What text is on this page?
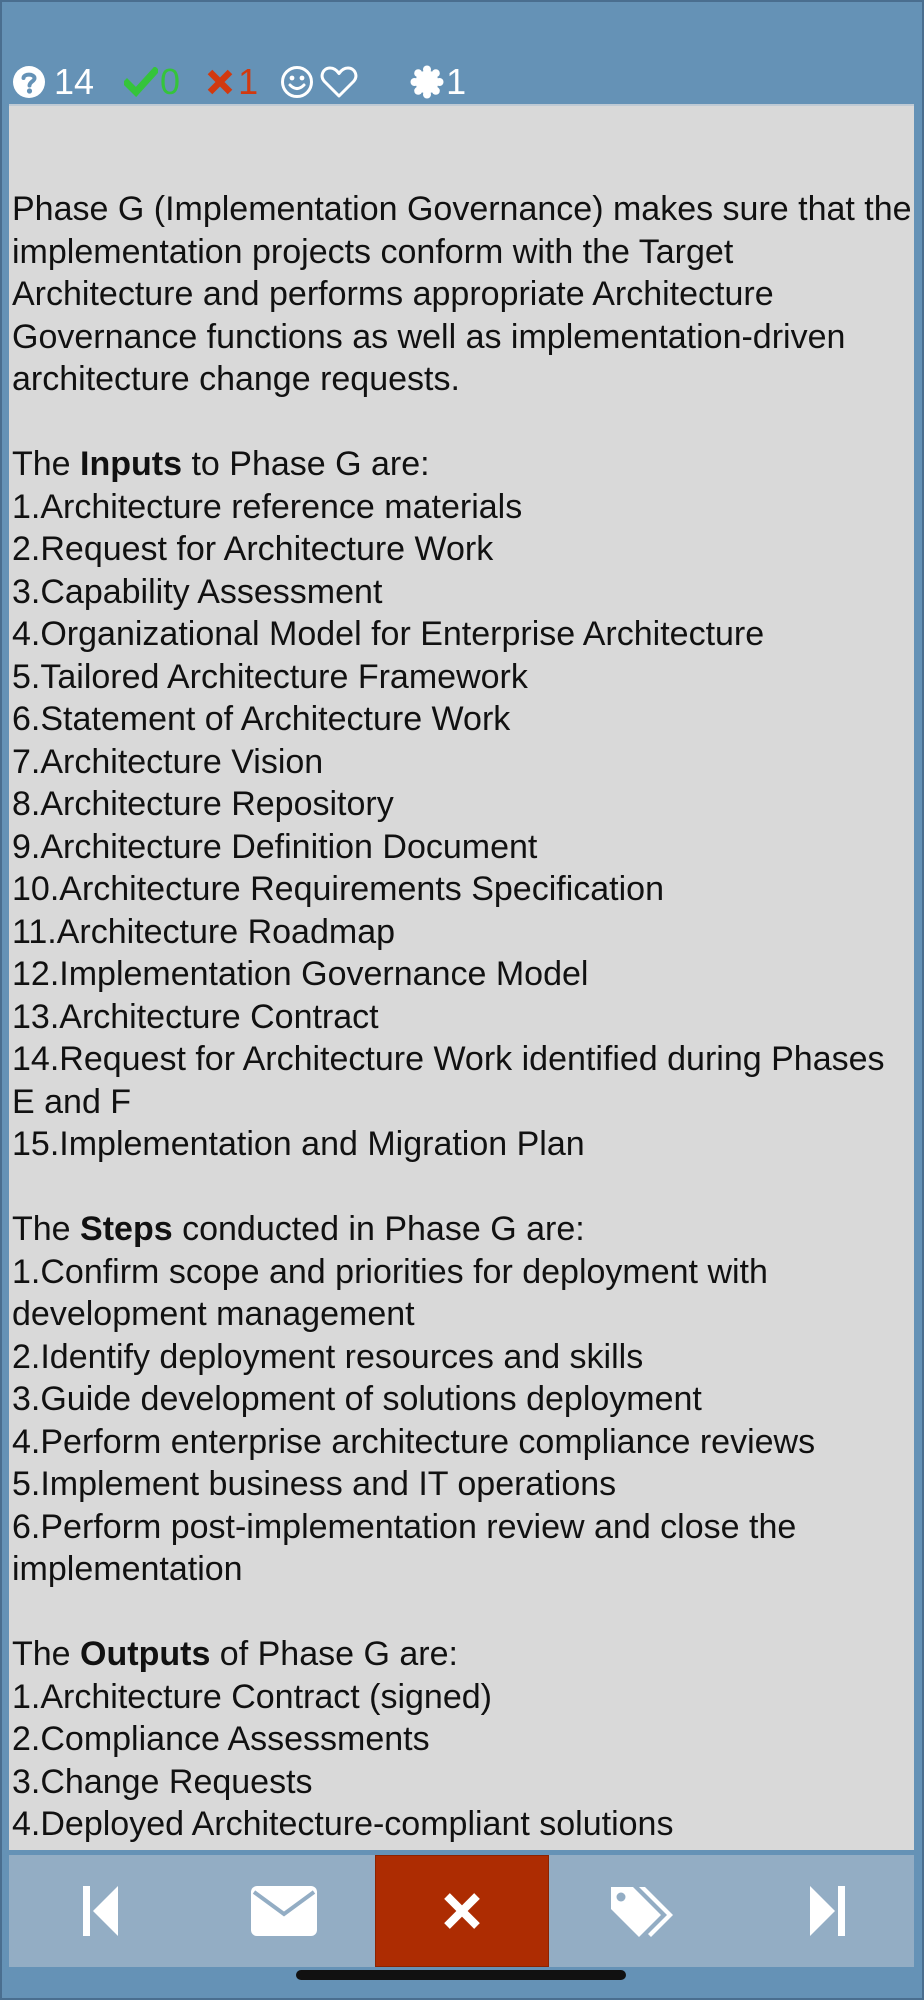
14 0 1	1

Phase G (Implementation Governance) makes sure that the implementation projects conform with the Target Architecture and performs appropriate Architecture Governance functions as well as implementation-driven architecture change requests.

The Inputs to Phase G are:

1.Architecture reference materials

2.Request for Architecture Work

3.Capability Assessment

4.Organizational Model for Enterprise Architecture

5.Tailored Architecture Framework

6.Statement of Architecture Work

7.Architecture Vision

8.Architecture Repository

9.Architecture Definition Document

10.Architecture Requirements Specification

11.Architecture Roadmap

12.Implementation Governance Model

13.Architecture Contract

14.Request for Architecture Work identified during Phases E and F

15.Implementation and Migration Plan

The Steps conducted in Phase G are:

1.Confirm scope and priorities for deployment with development management

2.Identify deployment resources and skills

3.Guide development of solutions deployment

4.Perform enterprise architecture compliance reviews

5.Implement business and IT operations

6.Perform post-implementation review and close the implementation

The Outputs of Phase G are:

1.Architecture Contract (signed)

2.Compliance Assessments

3.Change Requests

4.Deployed Architecture-compliant solutions
